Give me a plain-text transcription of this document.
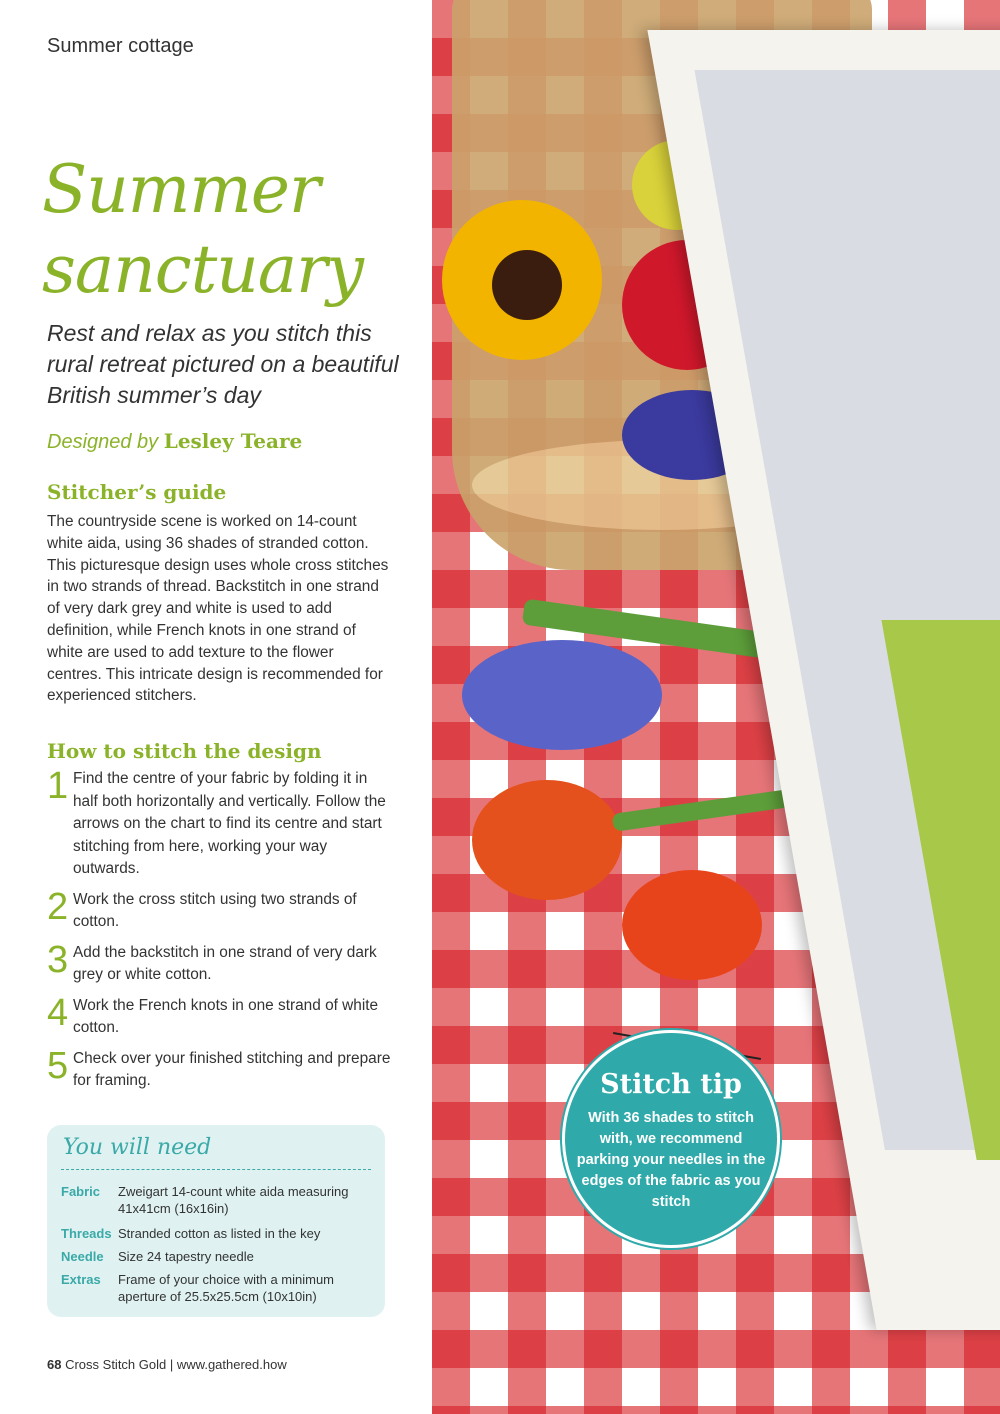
Summer cottage
Summer
sanctuary
Rest and relax as you stitch this rural retreat pictured on a beautiful British summer’s day
Designed by Lesley Teare
Stitcher’s guide
The countryside scene is worked on 14-count white aida, using 36 shades of stranded cotton. This picturesque design uses whole cross stitches in two strands of thread. Backstitch in one strand of very dark grey and white is used to add definition, while French knots in one strand of white are used to add texture to the flower centres. This intricate design is recommended for experienced stitchers.
How to stitch the design
1 Find the centre of your fabric by folding it in half both horizontally and vertically. Follow the arrows on the chart to find its centre and start stitching from here, working your way outwards.
2 Work the cross stitch using two strands of cotton.
3 Add the backstitch in one strand of very dark grey or white cotton.
4 Work the French knots in one strand of white cotton.
5 Check over your finished stitching and prepare for framing.
You will need
Fabric Zweigart 14-count white aida measuring 41x41cm (16x16in)
Threads Stranded cotton as listed in the key
Needle Size 24 tapestry needle
Extras Frame of your choice with a minimum aperture of 25.5x25.5cm (10x10in)
68 Cross Stitch Gold | www.gathered.how
Stitch tip
With 36 shades to stitch with, we recommend parking your needles in the edges of the fabric as you stitch
